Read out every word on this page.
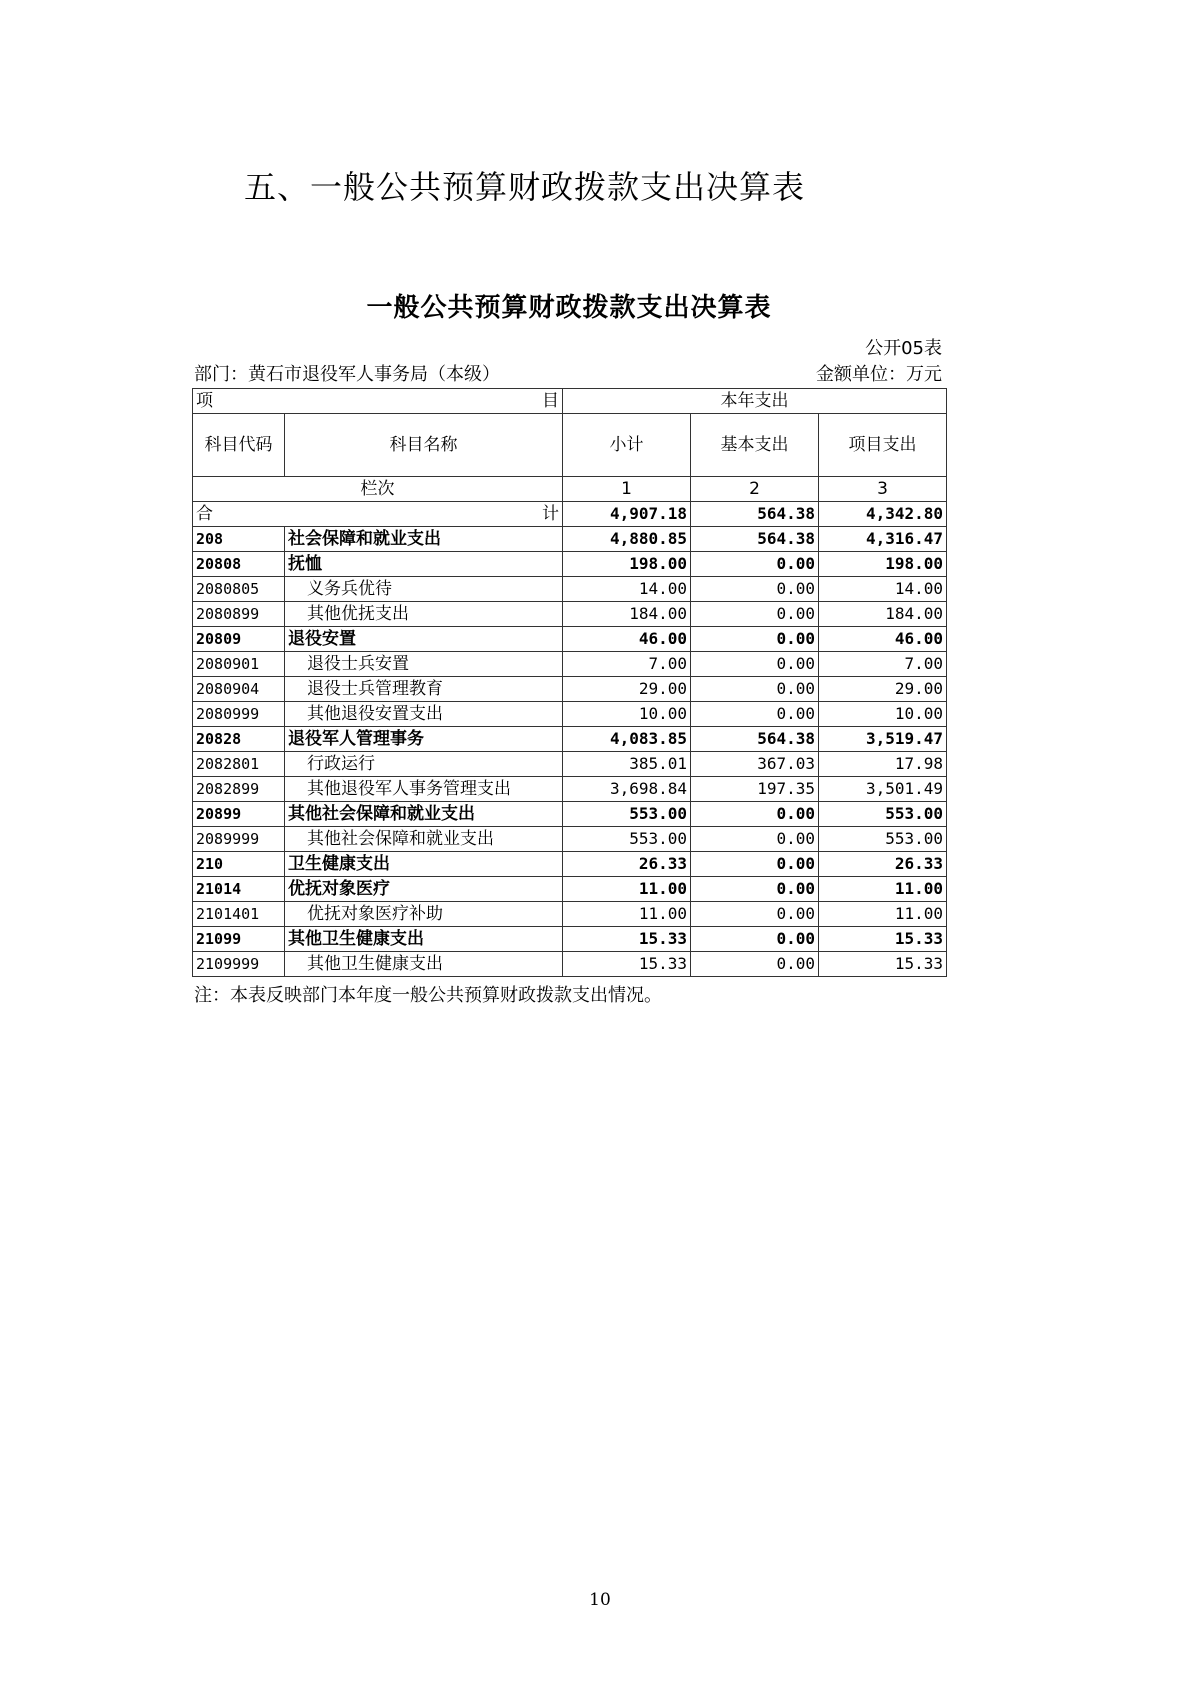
五、一般公共预算财政拨款支出决算表
一般公共预算财政拨款支出决算表
公开05表
部门：黄石市退役军人事务局（本级）	金额单位：万元
项 目		本年支出		
科目代码	科目名称	小计	基本支出	项目支出
栏次		1	2	3

合 计		4,907.18	564.38	4,342.80
208	社会保障和就业支出	4,880.85	564.38	4,316.47
20808	抚恤	198.00	0.00	198.00
2080805	义务兵优待	14.00	0.00	14.00
2080899	其他优抚支出	184.00	0.00	184.00
20809	退役安置	46.00	0.00	46.00
2080901	退役士兵安置	7.00	0.00	7.00
2080904	退役士兵管理教育	29.00	0.00	29.00
2080999	其他退役安置支出	10.00	0.00	10.00
20828	退役军人管理事务	4,083.85	564.38	3,519.47
2082801	行政运行	385.01	367.03	17.98
2082899	其他退役军人事务管理支出	3,698.84	197.35	3,501.49
20899	其他社会保障和就业支出	553.00	0.00	553.00
2089999	其他社会保障和就业支出	553.00	0.00	553.00
210	卫生健康支出	26.33	0.00	26.33
21014	优抚对象医疗	11.00	0.00	11.00
2101401	优抚对象医疗补助	11.00	0.00	11.00
21099	其他卫生健康支出	15.33	0.00	15.33
2109999	其他卫生健康支出	15.33	0.00	15.33
注：本表反映部门本年度一般公共预算财政拨款支出情况。
10
